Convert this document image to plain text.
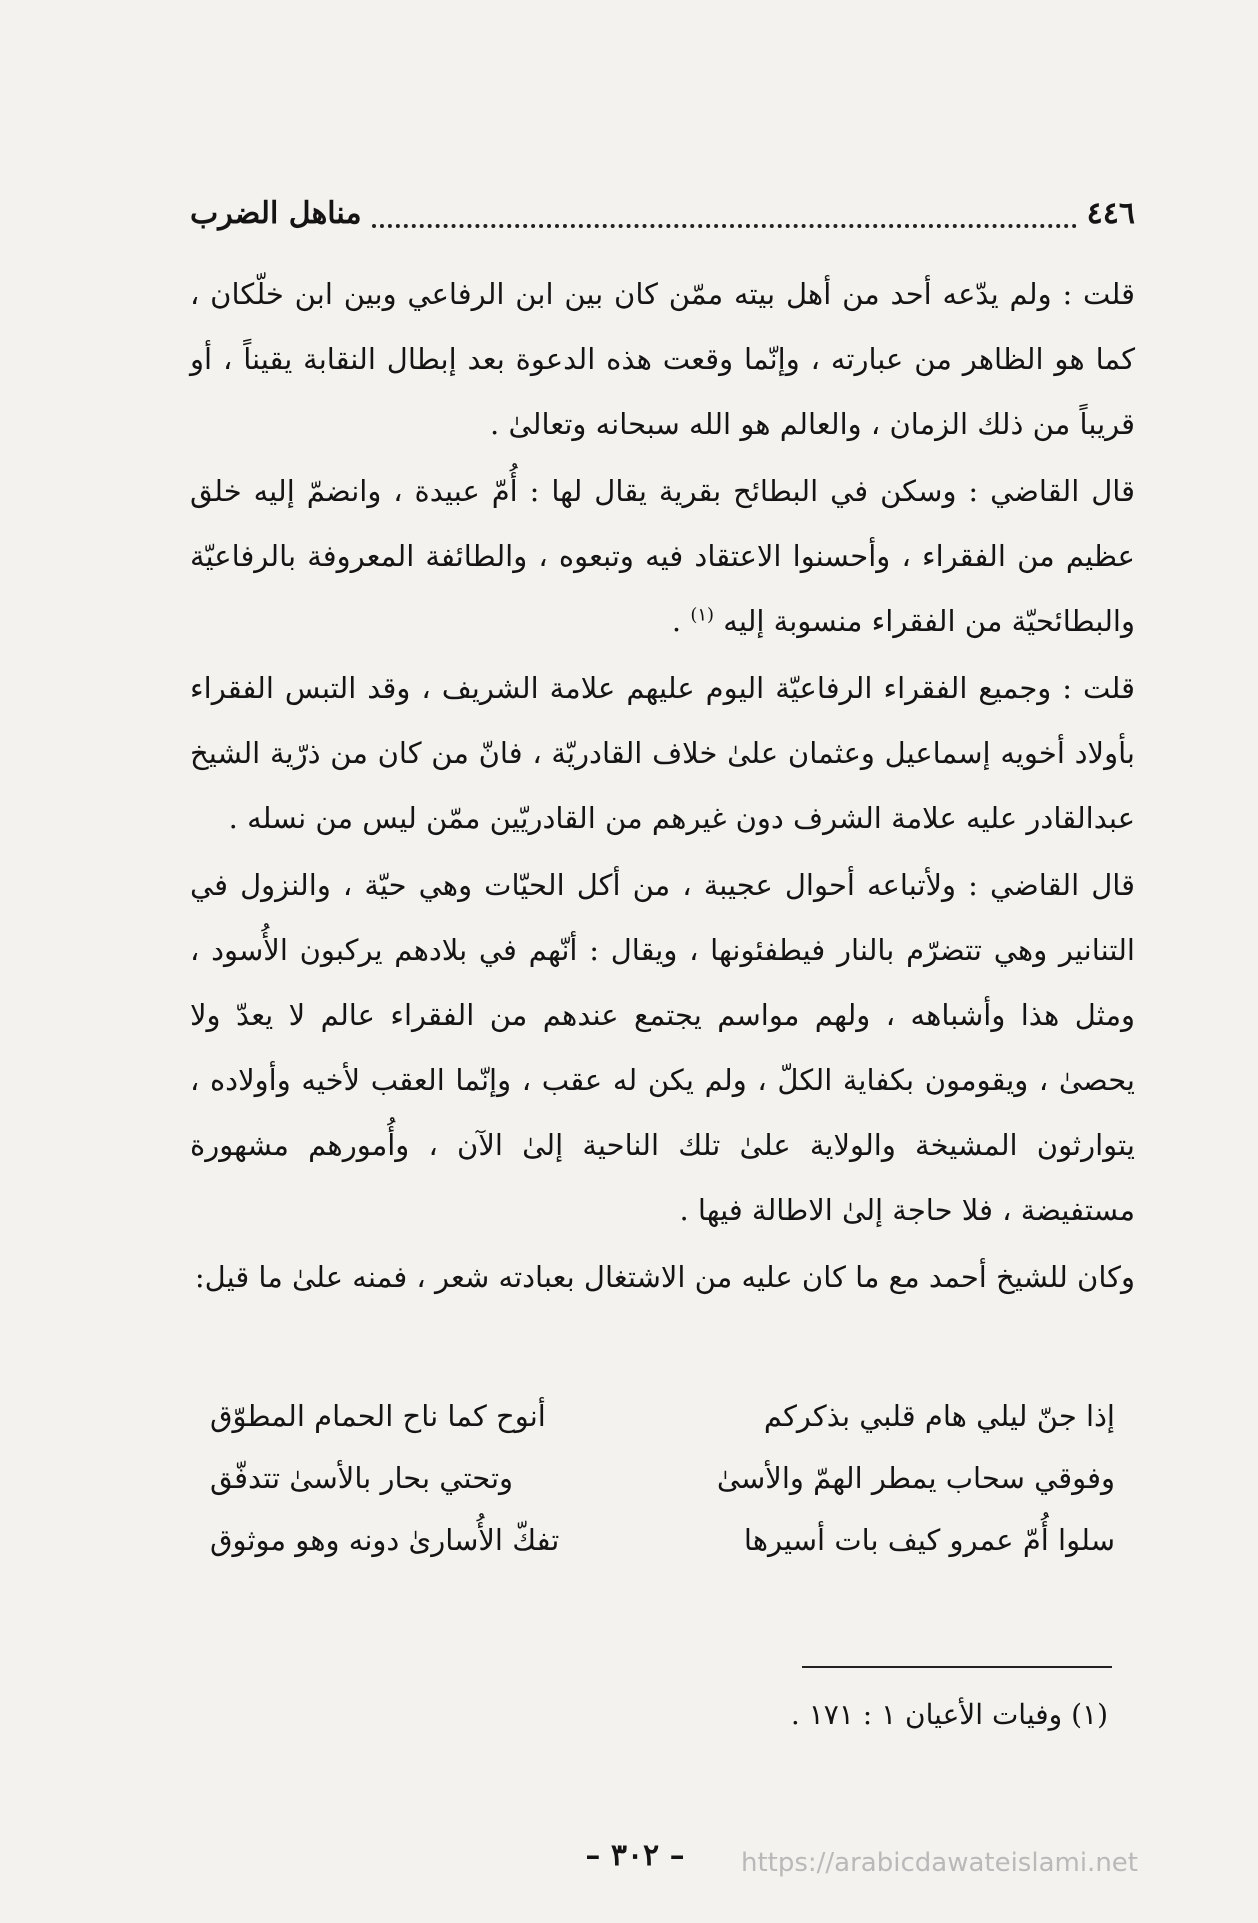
٤٤٦
مناهل الضرب

قلت : ولم يدّعه أحد من أهل بيته ممّن كان بين ابن الرفاعي وبين ابن خلّكان ، كما هو الظاهر من عبارته ، وإنّما وقعت هذه الدعوة بعد إبطال النقابة يقيناً ، أو قريباً من ذلك الزمان ، والعالم هو الله سبحانه وتعالىٰ .

قال القاضي : وسكن في البطائح بقرية يقال لها : أُمّ عبيدة ، وانضمّ إليه خلق عظيم من الفقراء ، وأحسنوا الاعتقاد فيه وتبعوه ، والطائفة المعروفة بالرفاعيّة والبطائحيّة من الفقراء منسوبة إليه $^{(١)}$ .

قلت : وجميع الفقراء الرفاعيّة اليوم عليهم علامة الشريف ، وقد التبس الفقراء بأولاد أخويه إسماعيل وعثمان علىٰ خلاف القادريّة ، فانّ من كان من ذرّية الشيخ عبدالقادر عليه علامة الشرف دون غيرهم من القادريّين ممّن ليس من نسله .

قال القاضي : ولأتباعه أحوال عجيبة ، من أكل الحيّات وهي حيّة ، والنزول في التنانير وهي تتضرّم بالنار فيطفئونها ، ويقال : أنّهم في بلادهم يركبون الأُسود ، ومثل هذا وأشباهه ، ولهم مواسم يجتمع عندهم من الفقراء عالم لا يعدّ ولا يحصىٰ ، ويقومون بكفاية الكلّ ، ولم يكن له عقب ، وإنّما العقب لأخيه وأولاده ، يتوارثون المشيخة والولاية علىٰ تلك الناحية إلىٰ الآن ، وأُمورهم مشهورة مستفيضة ، فلا حاجة إلىٰ الاطالة فيها .

وكان للشيخ أحمد مع ما كان عليه من الاشتغال بعبادته شعر ، فمنه علىٰ ما قيل:

إذا جنّ ليلي هام قلبي بذكركم
أنوح كما ناح الحمام المطوّق
وفوقي سحاب يمطر الهمّ والأسىٰ
وتحتي بحار بالأسىٰ تتدفّق
سلوا أُمّ عمرو كيف بات أسيرها
تفكّ الأُسارىٰ دونه وهو موثوق
(١) وفيات الأعيان ١ : ١٧١ .
– ٣٠٢ –	https://arabicdawateislami.net
